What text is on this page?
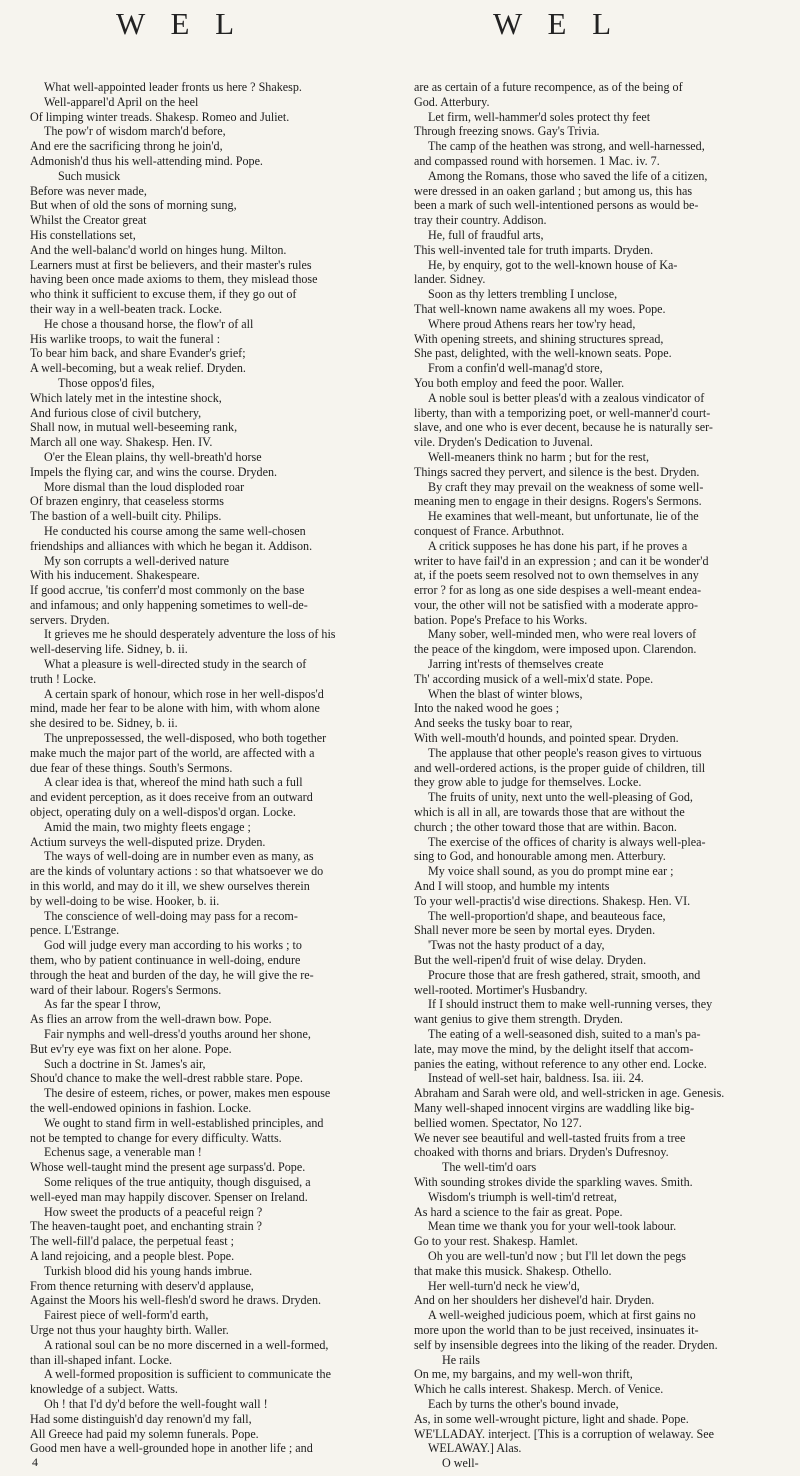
W E L	W E L
What well-appointed leader fronts us here ? Shakesp.
Well-apparel'd April on the heel
Of limping winter treads. Shakesp. Romeo and Juliet.
The pow'r of wisdom march'd before,
And ere the sacrificing throng he join'd,
Admonish'd thus his well-attending mind. Pope.
Such musick
Before was never made,
But when of old the sons of morning sung,
Whilst the Creator great
His constellations set,
And the well-balanc'd world on hinges hung. Milton.
Learners must at first be believers, and their master's rules
having been once made axioms to them, they mislead those
who think it sufficient to excuse them, if they go out of
their way in a well-beaten track. Locke.
He chose a thousand horse, the flow'r of all
His warlike troops, to wait the funeral :
To bear him back, and share Evander's grief;
A well-becoming, but a weak relief. Dryden.
Those oppos'd files,
Which lately met in the intestine shock,
And furious close of civil butchery,
Shall now, in mutual well-beseeming rank,
March all one way. Shakesp. Hen. IV.
O'er the Elean plains, thy well-breath'd horse
Impels the flying car, and wins the course. Dryden.
More dismal than the loud disploded roar
Of brazen enginry, that ceaseless storms
The bastion of a well-built city. Philips.
He conducted his course among the same well-chosen
friendships and alliances with which he began it. Addison.
My son corrupts a well-derived nature
With his inducement. Shakespeare.
If good accrue, 'tis conferr'd most commonly on the base
and infamous; and only happening sometimes to well-de-
servers. Dryden.
It grieves me he should desperately adventure the loss of his
well-deserving life. Sidney, b. ii.
What a pleasure is well-directed study in the search of
truth ! Locke.
A certain spark of honour, which rose in her well-dispos'd
mind, made her fear to be alone with him, with whom alone
she desired to be. Sidney, b. ii.
The unprepossessed, the well-disposed, who both together
make much the major part of the world, are affected with a
due fear of these things. South's Sermons.
A clear idea is that, whereof the mind hath such a full
and evident perception, as it does receive from an outward
object, operating duly on a well-dispos'd organ. Locke.
Amid the main, two mighty fleets engage ;
Actium surveys the well-disputed prize. Dryden.
The ways of well-doing are in number even as many, as
are the kinds of voluntary actions : so that whatsoever we do
in this world, and may do it ill, we shew ourselves therein
by well-doing to be wise. Hooker, b. ii.
The conscience of well-doing may pass for a recom-
pence. L'Estrange.
God will judge every man according to his works ; to
them, who by patient continuance in well-doing, endure
through the heat and burden of the day, he will give the re-
ward of their labour. Rogers's Sermons.
As far the spear I throw,
As flies an arrow from the well-drawn bow. Pope.
Fair nymphs and well-dress'd youths around her shone,
But ev'ry eye was fixt on her alone. Pope.
Such a doctrine in St. James's air,
Shou'd chance to make the well-drest rabble stare. Pope.
The desire of esteem, riches, or power, makes men espouse
the well-endowed opinions in fashion. Locke.
We ought to stand firm in well-established principles, and
not be tempted to change for every difficulty. Watts.
Echenus sage, a venerable man !
Whose well-taught mind the present age surpass'd. Pope.
Some reliques of the true antiquity, though disguised, a
well-eyed man may happily discover. Spenser on Ireland.
How sweet the products of a peaceful reign ?
The heaven-taught poet, and enchanting strain ?
The well-fill'd palace, the perpetual feast ;
A land rejoicing, and a people blest. Pope.
Turkish blood did his young hands imbrue.
From thence returning with deserv'd applause,
Against the Moors his well-flesh'd sword he draws. Dryden.
Fairest piece of well-form'd earth,
Urge not thus your haughty birth. Waller.
A rational soul can be no more discerned in a well-formed,
than ill-shaped infant. Locke.
A well-formed proposition is sufficient to communicate the
knowledge of a subject. Watts.
Oh ! that I'd dy'd before the well-fought wall !
Had some distinguish'd day renown'd my fall,
All Greece had paid my solemn funerals. Pope.
Good men have a well-grounded hope in another life ; and
are as certain of a future recompence, as of the being of
God. Atterbury.
Let firm, well-hammer'd soles protect thy feet
Through freezing snows. Gay's Trivia.
The camp of the heathen was strong, and well-harnessed,
and compassed round with horsemen. 1 Mac. iv. 7.
Among the Romans, those who saved the life of a citizen,
were dressed in an oaken garland ; but among us, this has
been a mark of such well-intentioned persons as would be-
tray their country. Addison.
He, full of fraudful arts,
This well-invented tale for truth imparts. Dryden.
He, by enquiry, got to the well-known house of Ka-
lander. Sidney.
Soon as thy letters trembling I unclose,
That well-known name awakens all my woes. Pope.
Where proud Athens rears her tow'ry head,
With opening streets, and shining structures spread,
She past, delighted, with the well-known seats. Pope.
From a confin'd well-manag'd store,
You both employ and feed the poor. Waller.
A noble soul is better pleas'd with a zealous vindicator of
liberty, than with a temporizing poet, or well-manner'd court-
slave, and one who is ever decent, because he is naturally ser-
vile. Dryden's Dedication to Juvenal.
Well-meaners think no harm ; but for the rest,
Things sacred they pervert, and silence is the best. Dryden.
By craft they may prevail on the weakness of some well-
meaning men to engage in their designs. Rogers's Sermons.
He examines that well-meant, but unfortunate, lie of the
conquest of France. Arbuthnot.
A critick supposes he has done his part, if he proves a
writer to have fail'd in an expression ; and can it be wonder'd
at, if the poets seem resolved not to own themselves in any
error ? for as long as one side despises a well-meant endea-
vour, the other will not be satisfied with a moderate appro-
bation. Pope's Preface to his Works.
Many sober, well-minded men, who were real lovers of
the peace of the kingdom, were imposed upon. Clarendon.
Jarring int'rests of themselves create
Th' according musick of a well-mix'd state. Pope.
When the blast of winter blows,
Into the naked wood he goes ;
And seeks the tusky boar to rear,
With well-mouth'd hounds, and pointed spear. Dryden.
The applause that other people's reason gives to virtuous
and well-ordered actions, is the proper guide of children, till
they grow able to judge for themselves. Locke.
The fruits of unity, next unto the well-pleasing of God,
which is all in all, are towards those that are without the
church ; the other toward those that are within. Bacon.
The exercise of the offices of charity is always well-plea-
sing to God, and honourable among men. Atterbury.
My voice shall sound, as you do prompt mine ear ;
And I will stoop, and humble my intents
To your well-practis'd wise directions. Shakesp. Hen. VI.
The well-proportion'd shape, and beauteous face,
Shall never more be seen by mortal eyes. Dryden.
'Twas not the hasty product of a day,
But the well-ripen'd fruit of wise delay. Dryden.
Procure those that are fresh gathered, strait, smooth, and
well-rooted. Mortimer's Husbandry.
If I should instruct them to make well-running verses, they
want genius to give them strength. Dryden.
The eating of a well-seasoned dish, suited to a man's pa-
late, may move the mind, by the delight itself that accom-
panies the eating, without reference to any other end. Locke.
Instead of well-set hair, baldness. Isa. iii. 24.
Abraham and Sarah were old, and well-stricken in age. Genesis.
Many well-shaped innocent virgins are waddling like big-
bellied women. Spectator, No 127.
We never see beautiful and well-tasted fruits from a tree
choaked with thorns and briars. Dryden's Dufresnoy.
The well-tim'd oars
With sounding strokes divide the sparkling waves. Smith.
Wisdom's triumph is well-tim'd retreat,
As hard a science to the fair as great. Pope.
Mean time we thank you for your well-took labour.
Go to your rest. Shakesp. Hamlet.
Oh you are well-tun'd now ; but I'll let down the pegs
that make this musick. Shakesp. Othello.
Her well-turn'd neck he view'd,
And on her shoulders her dishevel'd hair. Dryden.
A well-weighed judicious poem, which at first gains no
more upon the world than to be just received, insinuates it-
self by insensible degrees into the liking of the reader. Dryden.
He rails
On me, my bargains, and my well-won thrift,
Which he calls interest. Shakesp. Merch. of Venice.
Each by turns the other's bound invade,
As, in some well-wrought picture, light and shade. Pope.
WE'LLADAY. interject. [This is a corruption of welaway. See
WELAWAY.] Alas.
O well-
4
